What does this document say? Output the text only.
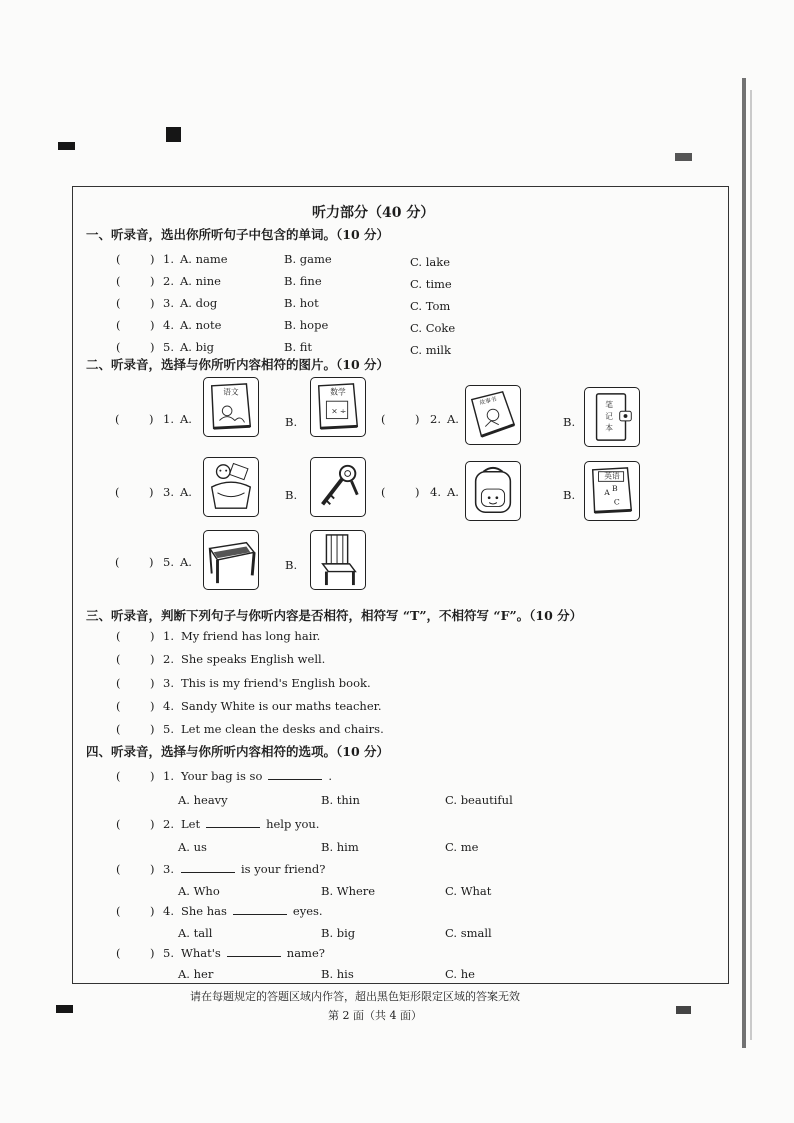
听力部分（40 分）
一、听录音，选出你所听句子中包含的单词。（10 分）
(	) 1. A. name	B. game	C. lake
(	) 2. A. nine	B. fine	C. time
(	) 3. A. dog	B. hot	C. Tom
(	) 4. A. note	B. hope	C. Coke
(	) 5. A. big	B. fit	C. milk
二、听录音，选择与你所听内容相符的图片。（10 分）
(	) 1. A.	B.
语文	数学
× ÷
(	) 2. A.	B.
故事书	笔
记
本
(	) 3. A.	B.	(	) 4. A.	B.
英语
A B
C
(	) 5. A.	B.
三、听录音，判断下列句子与你听内容是否相符，相符写 “T”，不相符写 “F”。（10 分）
(	) 1. My friend has long hair.
(	) 2. She speaks English well.
(	) 3. This is my friend's English book.
(	) 4. Sandy White is our maths teacher.
(	) 5. Let me clean the desks and chairs.
四、听录音，选择与你所听内容相符的选项。（10 分）
(	) 1. Your bag is so	.
A. heavy	B. thin	C. beautiful
(	) 2. Let	help you.
A. us	B. him	C. me
(	) 3.	is your friend?
A. Who	B. Where	C. What
(	) 4. She has	eyes.
A. tall	B. big	C. small
(	) 5. What's	name?
A. her	B. his	C. he
请在每题规定的答题区域内作答，超出黑色矩形限定区域的答案无效
第 2 面（共 4 面）
